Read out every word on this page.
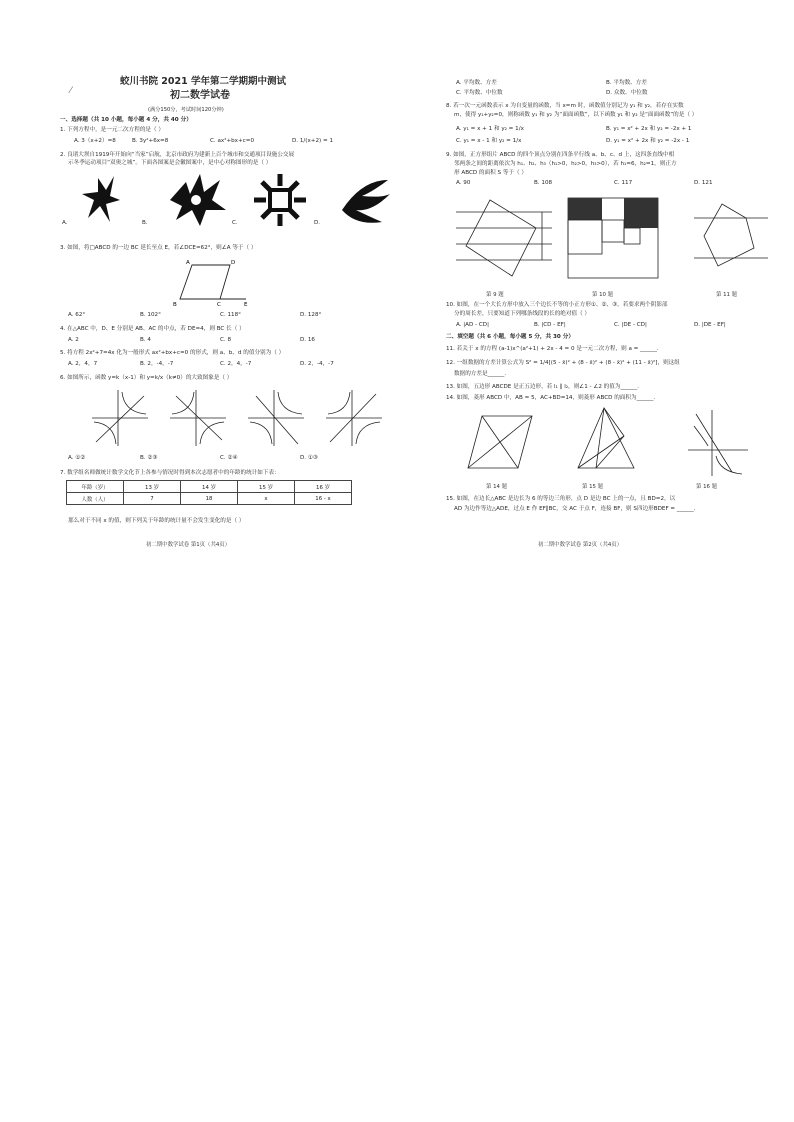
蛟川书院 2021 学年第二学期期中测试
⁄	初二数学试卷
(满分150分，考试时间120分钟)
一、选择题（共 10 小题，每小题 4 分，共 40 分）
1. 下列方程中，是一元二次方程的是（ ）
A. 3（x+2）=8	B. 3y²+6x=8	C. ax²+bx+c=0	D. 1/(x+2) = 1
2. 良诸大坝自1919年开始向“当家”启航，北京市政府为建新上百个城市和交通项目设施公交展
示冬季运动项目“双奥之城”。下面各图案是会徽图案中，是中心对称图形的是（ ）
A.	B.	C.	D.
3. 如图，将□ABCD 的一边 BC 延长至点 E，若∠DCE=62°，则∠A 等于（ ）
A	D
B	C	E
A. 62°	B. 102°	C. 118°	D. 128°
4. 在△ABC 中，D、E 分别是 AB、AC 的中点，若 DE=4，则 BC 长（ ）
A. 2	B. 4	C. 8	D. 16
5. 将方程 2x²+7=4x 化为一般形式 ax²+bx+c=0 的形式，则 a、b、d 的值分别为（ ）
A. 2，4，7	B. 2，-4，-7	C. 2，4，-7	D. 2，-4，-7
6. 如图所示，函数 y=k（x-1）和 y=k/x（k≠0）的大致图象是（ ）
A. ①②	B. ②③	C. ②④	D. ①③
7. 数学组名师做统计数学文化节上各参与情况时得到本次志愿者中的年龄的统计如下表：
年龄（岁）	13 岁	14 岁	15 岁	16 岁
人数（人）	7	18	x	16 - x
那么对于不同 x 的值，则下列关于年龄的统计量不会发生变化的是（ ）
初二期中数学试卷 第1页（共4页）
A. 平均数、方差	B. 平均数、方差
C. 平均数、中位数	D. 众数、中位数
8. 若一次一元函数表示 x 为自变量的函数，当 x=m 时，函数值分别记为 y₁ 和 y₂，若存在实数
m，使得 y₁+y₂=0，则称函数 y₁ 和 y₂ 为“面面函数”，以下函数 y₁ 和 y₂ 是“面面函数”的是（ ）
A. y₁ = x + 1 和 y₂ = 1/x	B. y₁ = x² + 2x 和 y₂ = -2x + 1
C. y₁ = x - 1 和 y₂ = 1/x	D. y₁ = x² + 2x 和 y₂ = -2x - 1
9. 如图，正方形组片 ABCD 的四个顶点分别在四条平行线 a、b、c、d 上，这四条直线中相
邻两条之间的距离依次为 h₁、h₂、h₃（h₁>0，h₂>0，h₃>0），若 h₁=6，h₂=1，则正方
形 ABCD 的面积 S 等于（ ）
A. 90	B. 108	C. 117	D. 121
第 9 题	第 10 题	第 11 题
10. 如图，在一个大长方形中放入三个边长不等的小正方形①、②、③，若要求两个阴影部
分的周长差，只要知道下列哪条线段的长的绝对值（ ）
A. |AD - CD|	B. |CD - EF|	C. |DE - CD|	D. |DE - EF|
二、填空题（共 6 小题，每小题 5 分，共 30 分）
11. 若关于 x 的方程 (a-1)x^(a²+1) + 2x - 4 = 0 是一元二次方程，则 a = ______.
12. 一组数据的方差计算公式为 S² = 1/4[(5 - x̄)² + (8 - x̄)² + (8 - x̄)² + (11 - x̄)²]，则这组
数据的方差是______.
13. 如图，五边形 ABCDE 是正五边形，若 l₁ ∥ l₂，则∠1 - ∠2 的值为______.
14. 如图，菱形 ABCD 中，AB = 5，AC+BD=14，则菱形 ABCD 的面积为______.
第 14 题	第 15 题	第 16 题
15. 如图，在边长△ABC 是边长为 6 的等边三角形，点 D 是边 BC 上的一点，且 BD=2，以
AD 为边作等边△ADE，过点 E 作 EF∥BC，交 AC 于点 F，连接 BF，则 S四边形BDEF = ______.
初二期中数学试卷 第2页（共4页）
